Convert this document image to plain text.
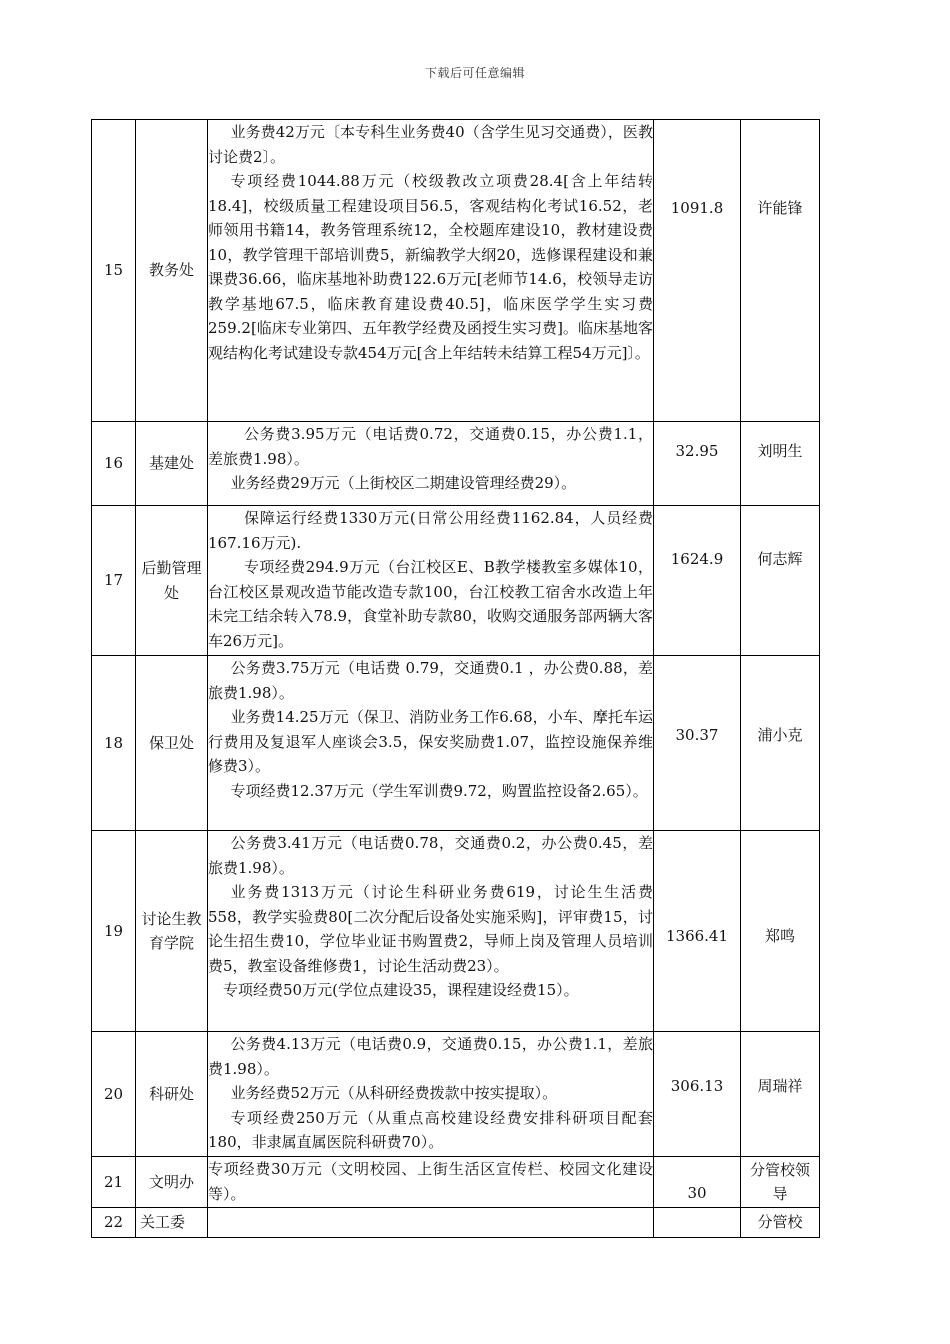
下载后可任意编辑
15	教务处	业务费42万元〔本专科生业务费40（含学生见习交通费），医教讨论费2〕。

专项经费1044.88万元（校级教改立项费28.4[含上年结转18.4]，校级质量工程建设项目56.5，客观结构化考试16.52，老师领用书籍14，教务管理系统12，全校题库建设10，教材建设费10，教学管理干部培训费5，新编教学大纲20，选修课程建设和兼课费36.66，临床基地补助费122.6万元[老师节14.6，校领导走访教学基地67.5，临床教育建设费40.5]，临床医学学生实习费259.2[临床专业第四、五年教学经费及函授生实习费]。临床基地客观结构化考试建设专款454万元[含上年结转未结算工程54万元]〕。	1091.8	许能锋
16	基建处	公务费3.95万元（电话费0.72，交通费0.15，办公费1.1，差旅费1.98）。

业务经费29万元（上街校区二期建设管理经费29）。	32.95	刘明生
17	后勤管理处	保障运行经费1330万元(日常公用经费1162.84，人员经费167.16万元).

专项经费294.9万元（台江校区E、B教学楼教室多媒体10，台江校区景观改造节能改造专款100，台江校教工宿舍水改造上年未完工结余转入78.9，食堂补助专款80，收购交通服务部两辆大客车26万元]。	1624.9	何志辉
18	保卫处	公务费3.75万元（电话费 0.79，交通费0.1 ，办公费0.88，差旅费1.98）。

业务费14.25万元（保卫、消防业务工作6.68，小车、摩托车运行费用及复退军人座谈会3.5，保安奖励费1.07，监控设施保养维修费3）。

专项经费12.37万元（学生军训费9.72，购置监控设备2.65）。	30.37	浦小克
19	讨论生教育学院	公务费3.41万元（电话费0.78，交通费0.2，办公费0.45，差旅费1.98）。

业务费1313万元（讨论生科研业务费619，讨论生生活费558，教学实验费80[二次分配后设备处实施采购]，评审费15，讨论生招生费10，学位毕业证书购置费2，导师上岗及管理人员培训费5，教室设备维修费1，讨论生活动费23）。

专项经费50万元(学位点建设35，课程建设经费15）。	1366.41	郑鸣
20	科研处	公务费4.13万元（电话费0.9，交通费0.15，办公费1.1，差旅费1.98）。

业务经费52万元（从科研经费拨款中按实提取）。

专项经费250万元（从重点高校建设经费安排科研项目配套180，非隶属直属医院科研费70）。	306.13	周瑞祥
21	文明办	专项经费30万元（文明校园、上街生活区宣传栏、校园文化建设等）。	30	分管校领导
22	关工委			分管校
